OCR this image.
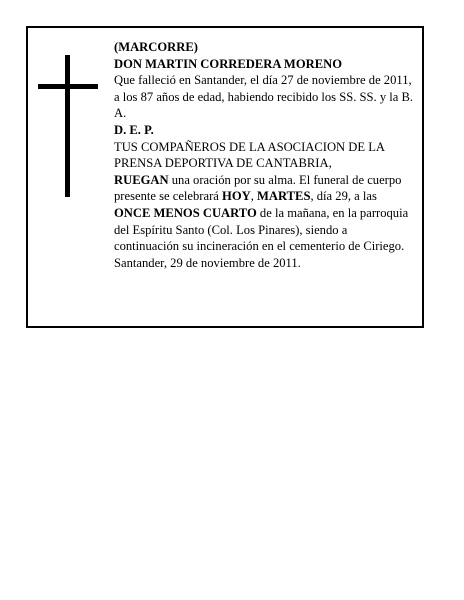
(MARCORRE)

DON MARTIN CORREDERA MORENO

Que falleció en Santander, el día 27 de noviembre de 2011,

a los 87 años de edad, habiendo recibido los SS. SS. y la B. A.

D. E. P.

TUS COMPAÑEROS DE LA ASOCIACION DE LA PRENSA DEPORTIVA DE CANTABRIA,

RUEGAN una oración por su alma. El funeral de cuerpo presente se celebrará HOY, MARTES, día 29, a las ONCE MENOS CUARTO de la mañana, en la parroquia del Espíritu Santo (Col. Los Pinares), siendo a continuación su incineración en el cementerio de Ciriego.

Santander, 29 de noviembre de 2011.
